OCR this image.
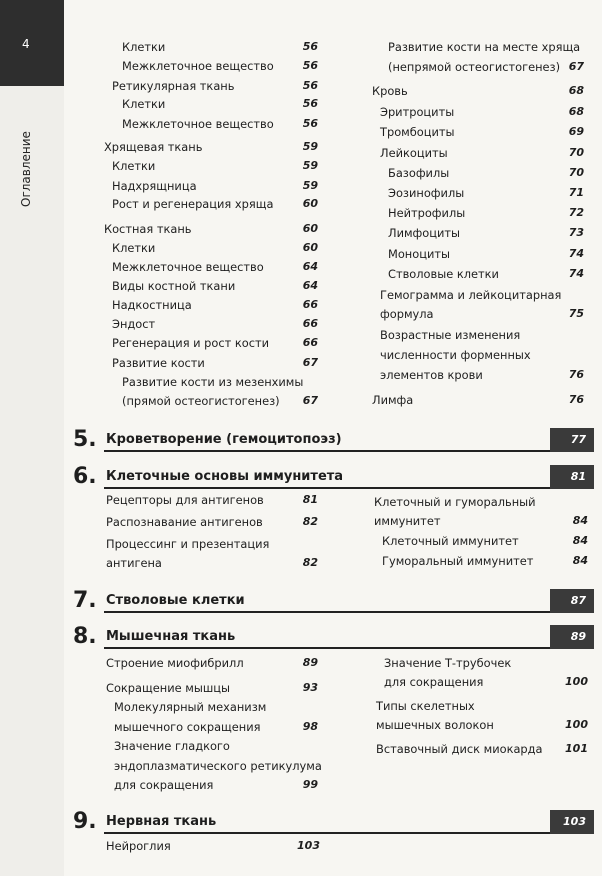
4
Оглавление
Клетки	56
Межклеточное вещество	56
Ретикулярная ткань	56
Клетки	56
Межклеточное вещество	56
Хрящевая ткань	59
Клетки	59
Надхрящница	59
Рост и регенерация хряща	60
Костная ткань	60
Клетки	60
Межклеточное вещество	64
Виды костной ткани	64
Надкостница	66
Эндост	66
Регенерация и рост кости	66
Развитие кости	67
Развитие кости из мезенхимы
(прямой остеогистогенез)	67
Развитие кости на месте хряща
(непрямой остеогистогенез) 67
Кровь	68
Эритроциты	68
Тромбоциты	69
Лейкоциты	70
Базофилы	70
Эозинофилы	71
Нейтрофилы	72
Лимфоциты	73
Моноциты	74
Стволовые клетки	74
Гемограмма и лейкоцитарная
формула	75
Возрастные изменения
численности форменных
элементов крови	76
Лимфа	76
5. Кроветворение (гемоцитопоэз)	77
6. Клеточные основы иммунитета	81
7. Стволовые клетки	87
8. Мышечная ткань	89
9. Нервная ткань	103
Рецепторы для антигенов	81
Распознавание антигенов	82
Процессинг и презентация
антигена	82
Клеточный и гуморальный
иммунитет	84
Клеточный иммунитет	84
Гуморальный иммунитет	84
Строение миофибрилл	89
Сокращение мышцы	93
Молекулярный механизм
мышечного сокращения	98
Значение гладкого
эндоплазматического ретикулума
для сокращения	99
Значение Т-трубочек
для сокращения	100
Типы скелетных
мышечных волокон	100
Вставочный диск миокарда	101
Нейроглия	103
